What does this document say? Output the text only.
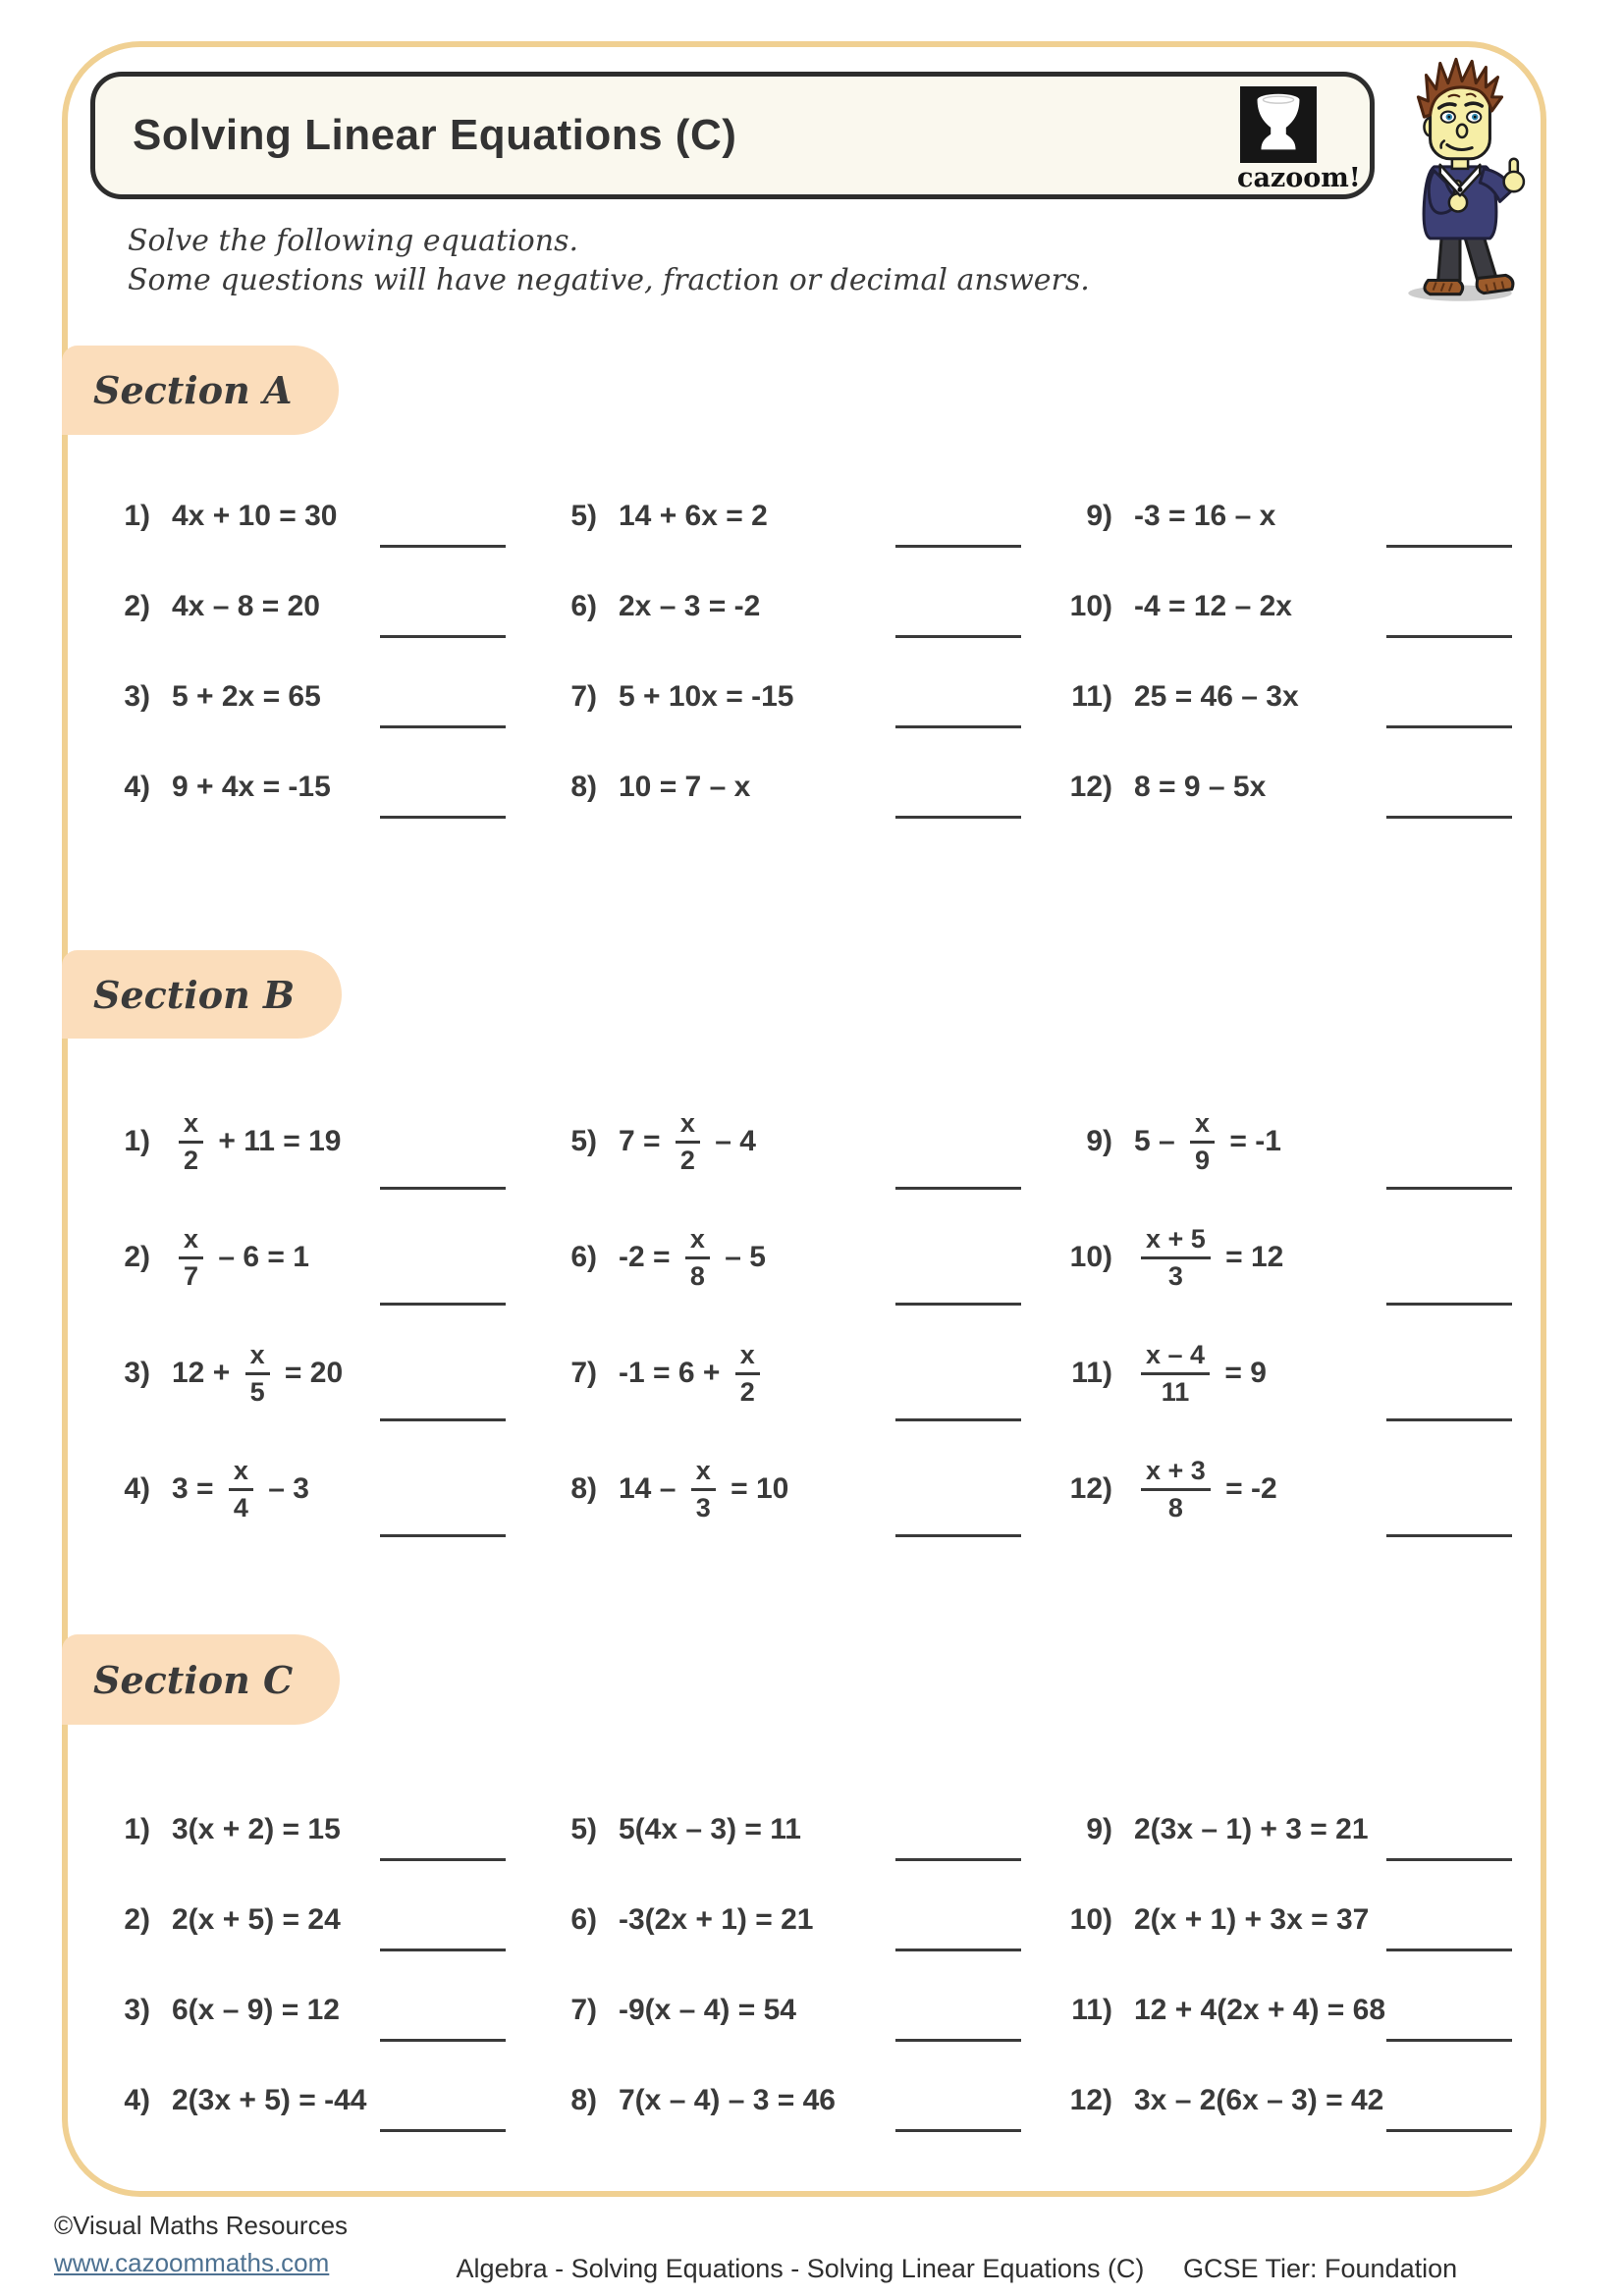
Solving Linear Equations (C)
cazoom!
Solve the following equations.
Some questions will have negative, fraction or decimal answers.
Section A
1) 4x + 10 = 30
2) 4x – 8 = 20
3) 5 + 2x = 65
4) 9 + 4x = -15
5) 14 + 6x = 2
6) 2x – 3 = -2
7) 5 + 10x = -15
8) 10 = 7 – x
9) -3 = 16 – x
10) -4 = 12 – 2x
11) 25 = 46 – 3x
12) 8 = 9 – 5x
Section B
$1) \frac{x}{2} + 11 = 19$
$2) \frac{x}{7} - 6 = 1$
3) $12 + \frac{x}{5} = 20$
4) $3 = \frac{x}{4} - 3$
5) $7 = \frac{x}{2} - 4$
6) $-2 = \frac{x}{8} - 5$
7) $-1 = 6 + \frac{x}{2}$
8) $14 - \frac{x}{3} = 10$
9) $5 - \frac{x}{9} = -1$
$10) \frac{x + 5}{3} = 12$
$11) \frac{x - 4}{11} = 9$
$12) \frac{x + 3}{8} = -2$
Section C
1) 3(x + 2) = 15
2) 2(x + 5) = 24
3) 6(x – 9) = 12
4) 2(3x + 5) = -44
5) 5(4x – 3) = 11
6) -3(2x + 1) = 21
7) -9(x – 4) = 54
8) 7(x – 4) – 3 = 46
9) 2(3x – 1) + 3 = 21
10) 2(x + 1) + 3x = 37
11) 12 + 4(2x + 4) = 68
12) 3x – 2(6x – 3) = 42
©Visual Maths Resources
www.cazoommaths.com	Algebra - Solving Equations - Solving Linear Equations (C)	GCSE Tier: Foundation
